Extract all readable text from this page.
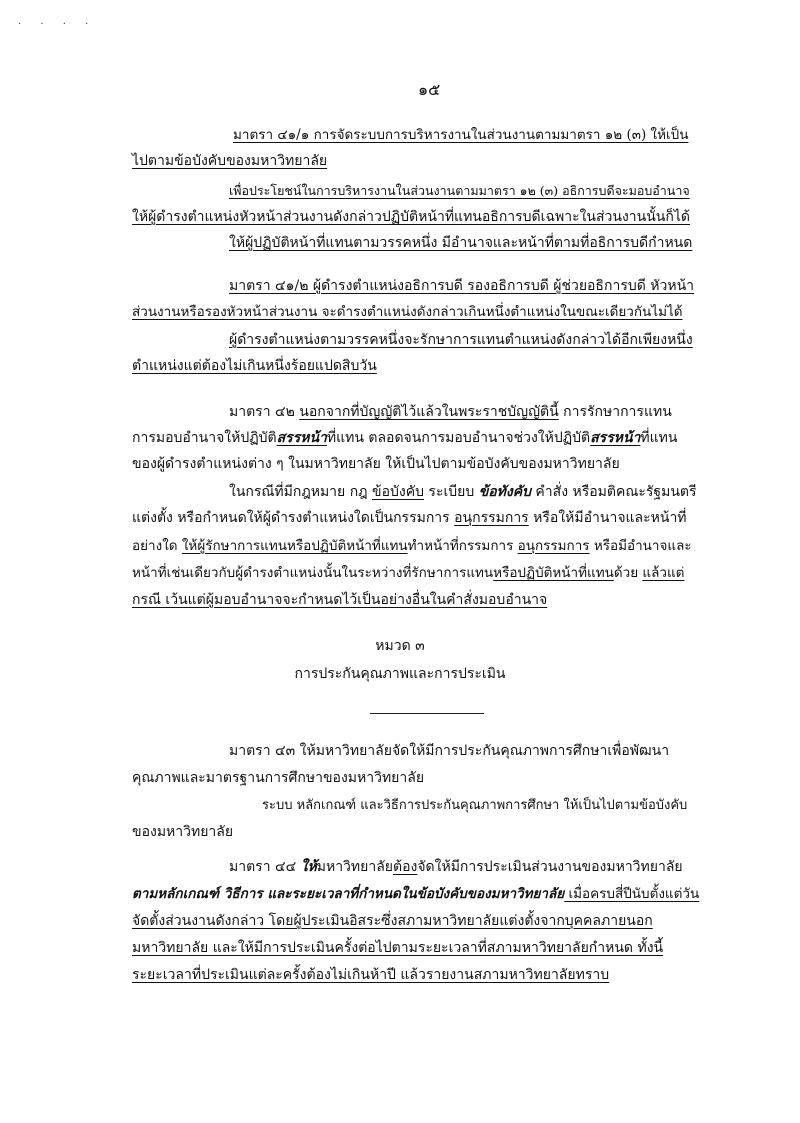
. . . .
๑๕
มาตรา ๔๑/๑ การจัดระบบการบริหารงานในส่วนงานตามมาตรา ๑๒ (๓) ให้เป็น
ไปตามข้อบังคับของมหาวิทยาลัย
เพื่อประโยชน์ในการบริหารงานในส่วนงานตามมาตรา ๑๒ (๓) อธิการบดีจะมอบอำนาจ
ให้ผู้ดำรงตำแหน่งหัวหน้าส่วนงานดังกล่าวปฏิบัติหน้าที่แทนอธิการบดีเฉพาะในส่วนงานนั้นก็ได้
ให้ผู้ปฏิบัติหน้าที่แทนตามวรรคหนึ่ง มีอำนาจและหน้าที่ตามที่อธิการบดีกำหนด
มาตรา ๔๑/๒ ผู้ดำรงตำแหน่งอธิการบดี รองอธิการบดี ผู้ช่วยอธิการบดี หัวหน้า
ส่วนงานหรือรองหัวหน้าส่วนงาน จะดำรงตำแหน่งดังกล่าวเกินหนึ่งตำแหน่งในขณะเดียวกันไม่ได้
ผู้ดำรงตำแหน่งตามวรรคหนึ่งจะรักษาการแทนตำแหน่งดังกล่าวได้อีกเพียงหนึ่ง
ตำแหน่งแต่ต้องไม่เกินหนึ่งร้อยแปดสิบวัน
มาตรา ๔๒ นอกจากที่บัญญัติไว้แล้วในพระราชบัญญัตินี้ การรักษาการแทน
การมอบอำนาจให้ปฏิบัติสรรหน้าที่แทน ตลอดจนการมอบอำนาจช่วงให้ปฏิบัติสรรหน้าที่แทน
ของผู้ดำรงตำแหน่งต่าง ๆ ในมหาวิทยาลัย ให้เป็นไปตามข้อบังคับของมหาวิทยาลัย
ในกรณีที่มีกฎหมาย กฎ ข้อบังคับ ระเบียบ ข้อทังคับ คำสั่ง หรือมติคณะรัฐมนตรี
แต่งตั้ง หรือกำหนดให้ผู้ดำรงตำแหน่งใดเป็นกรรมการ อนุกรรมการ หรือให้มีอำนาจและหน้าที่
อย่างใด ให้ผู้รักษาการแทนหรือปฏิบัติหน้าที่แทนทำหน้าที่กรรมการ อนุกรรมการ หรือมีอำนาจและ
หน้าที่เช่นเดียวกับผู้ดำรงตำแหน่งนั้นในระหว่างที่รักษาการแทนหรือปฏิบัติหน้าที่แทนด้วย แล้วแต่
กรณี เว้นแต่ผู้มอบอำนาจจะกำหนดไว้เป็นอย่างอื่นในคำสั่งมอบอำนาจ
หมวด ๓
การประกันคุณภาพและการประเมิน
มาตรา ๔๓ ให้มหาวิทยาลัยจัดให้มีการประกันคุณภาพการศึกษาเพื่อพัฒนา
คุณภาพและมาตรฐานการศึกษาของมหาวิทยาลัย
ระบบ หลักเกณฑ์ และวิธีการประกันคุณภาพการศึกษา ให้เป็นไปตามข้อบังคับ
ของมหาวิทยาลัย
มาตรา ๔๔ ให้มหาวิทยาลัยต้องจัดให้มีการประเมินส่วนงานของมหาวิทยาลัย
ตามหลักเกณฑ์ วิธีการ และระยะเวลาที่กำหนดในข้อบังคับของมหาวิทยาลัย เมื่อครบสี่ปีนับตั้งแต่วัน
จัดตั้งส่วนงานดังกล่าว โดยผู้ประเมินอิสระซึ่งสภามหาวิทยาลัยแต่งตั้งจากบุคคลภายนอก
มหาวิทยาลัย และให้มีการประเมินครั้งต่อไปตามระยะเวลาที่สภามหาวิทยาลัยกำหนด ทั้งนี้
ระยะเวลาที่ประเมินแต่ละครั้งต้องไม่เกินห้าปี แล้วรายงานสภามหาวิทยาลัยทราบ
